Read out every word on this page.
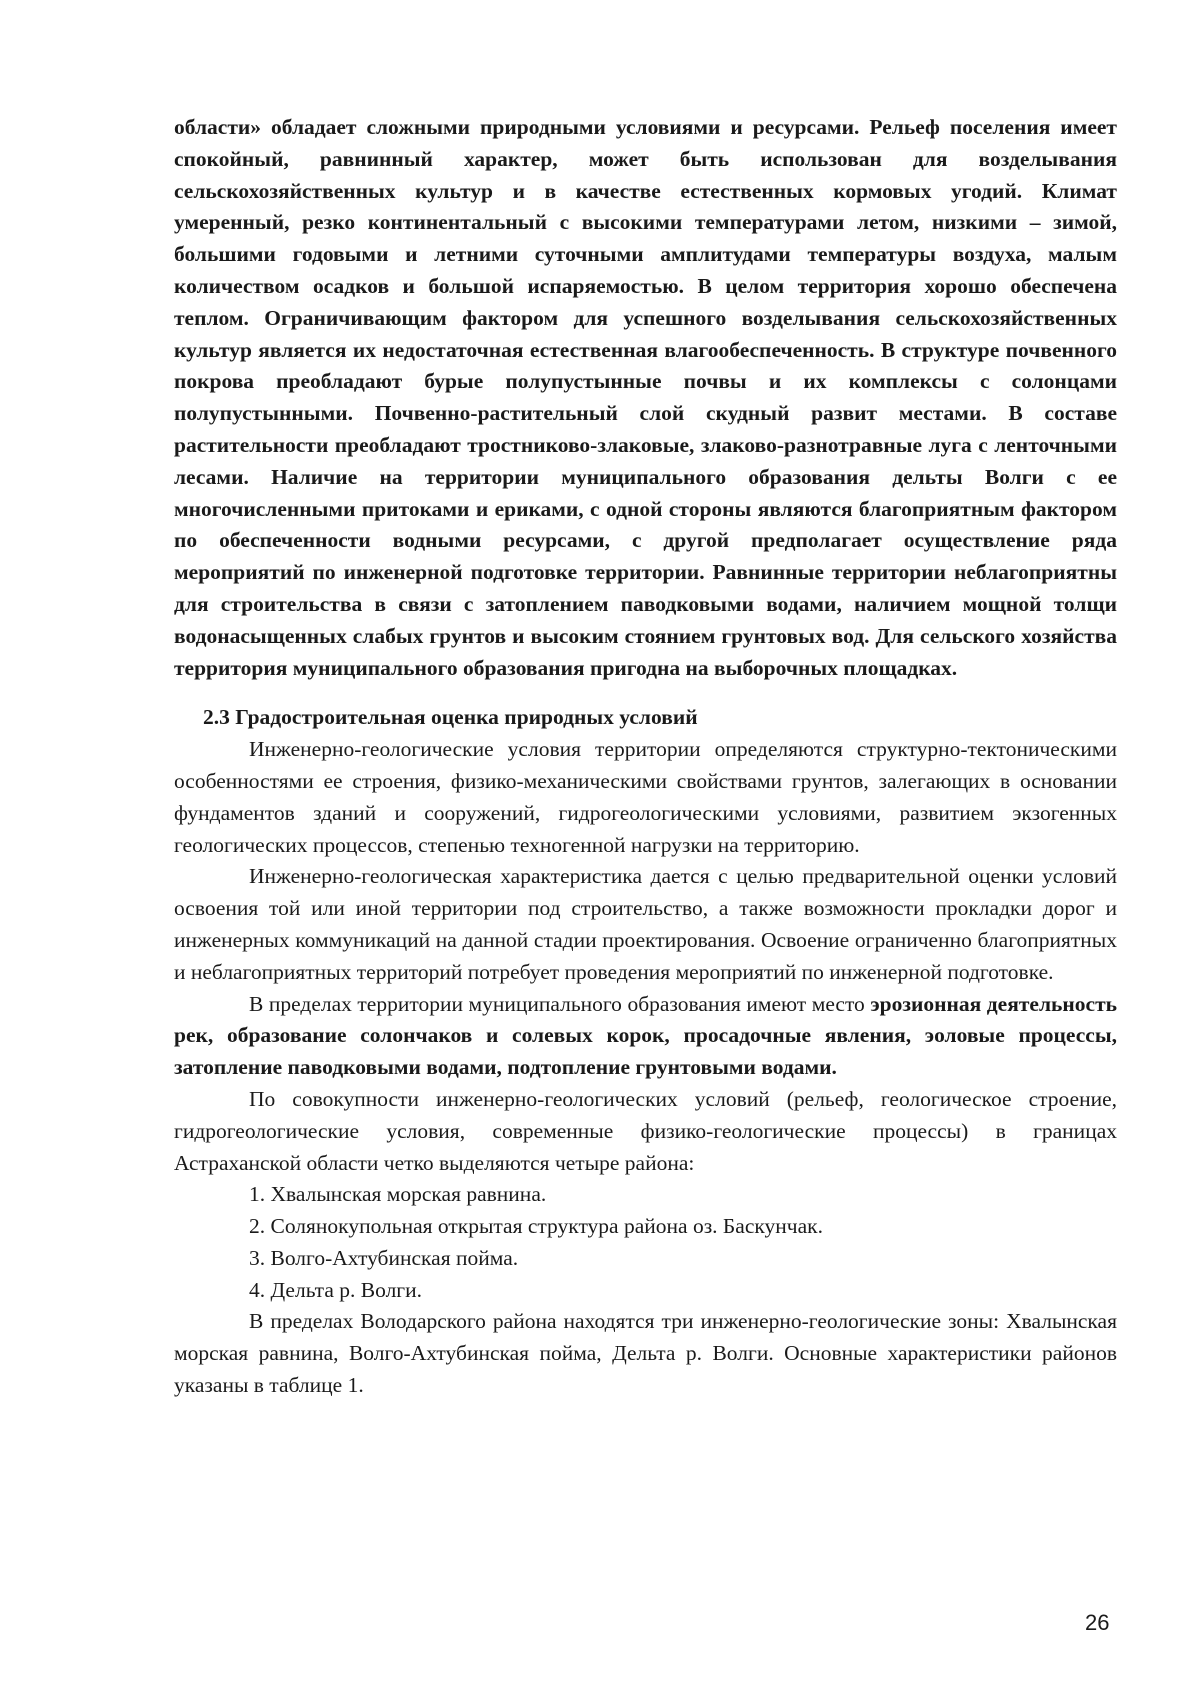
области» обладает сложными природными условиями и ресурсами. Рельеф поселения имеет спокойный, равнинный характер, может быть использован для возделывания сельскохозяйственных культур и в качестве естественных кормовых угодий. Климат умеренный, резко континентальный с высокими температурами летом, низкими – зимой, большими годовыми и летними суточными амплитудами температуры воздуха, малым количеством осадков и большой испаряемостью. В целом территория хорошо обеспечена теплом. Ограничивающим фактором для успешного возделывания сельскохозяйственных культур является их недостаточная естественная влагообеспеченность. В структуре почвенного покрова преобладают бурые полупустынные почвы и их комплексы с солонцами полупустынными. Почвенно-растительный слой скудный развит местами. В составе растительности преобладают тростниково-злаковые, злаково-разнотравные луга с ленточными лесами. Наличие на территории муниципального образования дельты Волги с ее многочисленными притоками и ериками, с одной стороны являются благоприятным фактором по обеспеченности водными ресурсами, с другой предполагает осуществление ряда мероприятий по инженерной подготовке территории. Равнинные территории неблагоприятны для строительства в связи с затоплением паводковыми водами, наличием мощной толщи водонасыщенных слабых грунтов и высоким стоянием грунтовых вод. Для сельского хозяйства территория муниципального образования пригодна на выборочных площадках.

2.3 Градостроительная оценка природных условий

Инженерно-геологические условия территории определяются структурно-тектоническими особенностями ее строения, физико-механическими свойствами грунтов, залегающих в основании фундаментов зданий и сооружений, гидрогеологическими условиями, развитием экзогенных геологических процессов, степенью техногенной нагрузки на территорию.

Инженерно-геологическая характеристика дается с целью предварительной оценки условий освоения той или иной территории под строительство, а также возможности прокладки дорог и инженерных коммуникаций на данной стадии проектирования. Освоение ограниченно благоприятных и неблагоприятных территорий потребует проведения мероприятий по инженерной подготовке.

В пределах территории муниципального образования имеют место эрозионная деятельность рек, образование солончаков и солевых корок, просадочные явления, эоловые процессы, затопление паводковыми водами, подтопление грунтовыми водами.

По совокупности инженерно-геологических условий (рельеф, геологическое строение, гидрогеологические условия, современные физико-геологические процессы) в границах Астраханской области четко выделяются четыре района:

1. Хвалынская морская равнина.

2. Солянокупольная открытая структура района оз. Баскунчак.

3. Волго-Ахтубинская пойма.

4. Дельта р. Волги.

В пределах Володарского района находятся три инженерно-геологические зоны: Хвалынская морская равнина, Волго-Ахтубинская пойма, Дельта р. Волги. Основные характеристики районов указаны в таблице 1.

26
